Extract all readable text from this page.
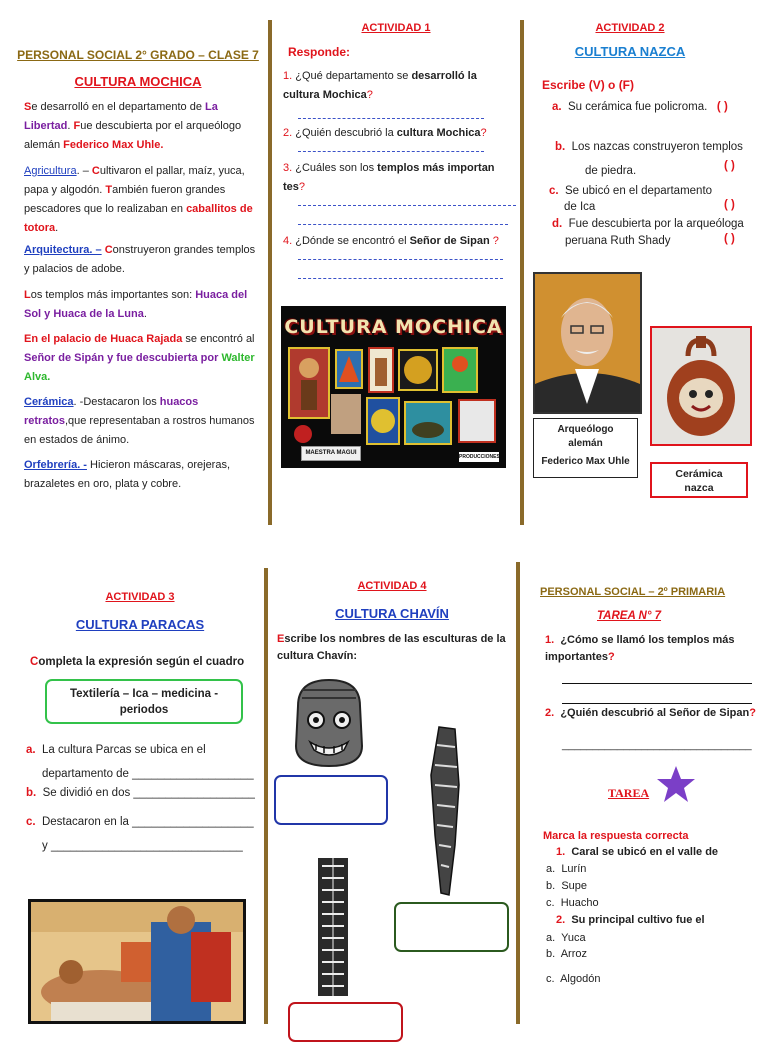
PERSONAL SOCIAL 2° GRADO – CLASE 7
CULTURA MOCHICA
Se desarrolló en el departamento de La Libertad. Fue descubierta por el arqueólogo alemán Federico Max Uhle.
Agricultura. – Cultivaron el pallar, maíz, yuca, papa y algodón. También fueron grandes pescadores que lo realizaban en caballitos de totora.
Arquitectura. – Construyeron grandes templos y palacios de adobe.
Los templos más importantes son: Huaca del Sol y Huaca de la Luna.
En el palacio de Huaca Rajada se encontró al Señor de Sipán y fue descubierta por Walter Alva.
Cerámica. -Destacaron los huacos retratos,que representaban a rostros humanos en estados de ánimo.
Orfebrería. - Hicieron máscaras, orejeras, brazaletes en oro, plata y cobre.
ACTIVIDAD 1
Responde:
1. ¿Qué departamento se desarrolló la cultura Mochica?
2. ¿Quién descubrió la cultura Mochica?
3. ¿Cuáles son los templos más importan tes?
4. ¿Dónde se encontró el Señor de Sipan ?
CULTURA MOCHICA
MAESTRA MAGUI
PRODUCCIONES
ACTIVIDAD 2
CULTURA NAZCA
Escribe (V) o (F)
a. Su cerámica fue policroma. ( )
b. Los nazcas construyeron templos
de piedra.	( )
c. Se ubicó en el departamento
de Ica	( )
d. Fue descubierta por la arqueóloga
peruana Ruth Shady	( )
Arqueólogo
alemán
Federico Max Uhle
Cerámica
nazca
ACTIVIDAD 3
CULTURA PARACAS
Completa la expresión según el cuadro
Textilería – Ica – medicina - periodos
a. La cultura Parcas se ubica en el
departamento de ___________________
b. Se dividió en dos ___________________
c. Destacaron en la ___________________
y ______________________________
ACTIVIDAD 4
CULTURA CHAVÍN
Escribe los nombres de las esculturas de la cultura Chavín:
PERSONAL SOCIAL – 2º PRIMARIA
TAREA N° 7
1. ¿Cómo se llamó los templos más importantes?
2. ¿Quién descubrió al Señor de Sipan?
_______________________________
TAREA
Marca la respuesta correcta
1. Caral se ubicó en el valle de
a. Lurín
b. Supe
c. Huacho
2. Su principal cultivo fue el
a. Yuca
b. Arroz
c. Algodón
